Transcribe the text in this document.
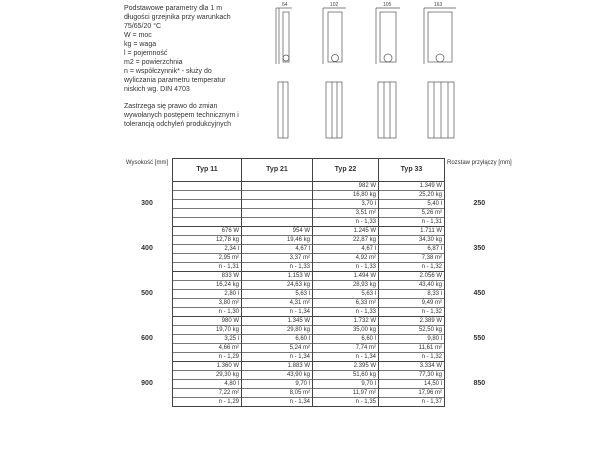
Podstawowe parametry dla 1 m
długości grzejnika przy warunkach
75/65/20 °C
W = moc
kg = waga
l = pojemność
m2 = powierzchnia
n = współczynnik* - służy do
wyliczania parametru temperatur
niskich wg. DIN 4703
Zastrzega się prawo do zmian
wywołanych postępem technicznym i
tolerancją odchyleń produkcyjnych
64	102	105	163
Wysokość [mm]	Typ 11	Typ 21	Typ 22	Typ 33	Rozstaw przyłączy [mm]
300			982 W	1.349 W	250
			16,80 kg	25,20 kg	
			3,70 l	5,40 l	
			3,51 m²	5,26 m²	
			n - 1,33	n - 1,31	
400	676 W	954 W	1.245 W	1.711 W	350
	12,78 kg	19,46 kg	22,87 kg	34,30 kg	
	2,34 l	4,67 l	4,67 l	6,87 l	
	2,95 m²	3,37 m²	4,92 m²	7,38 m²	
	n - 1,31	n - 1,33	n - 1,33	n - 1,32	
500	833 W	1.153 W	1.494 W	2.056 W	450
	16,24 kg	24,63 kg	28,93 kg	43,40 kg	
	2,80 l	5,63 l	5,63 l	8,33 l	
	3,80 m²	4,31 m²	6,33 m²	9,49 m²	
	n - 1,30	n - 1,34	n - 1,33	n - 1,32	
600	980 W	1.345 W	1.732 W	2.389 W	550
	19,70 kg	29,80 kg	35,00 kg	52,50 kg	
	3,25 l	6,60 l	6,60 l	9,80 l	
	4,66 m²	5,24 m²	7,74 m²	11,61 m²	
	n - 1,29	n - 1,34	n - 1,34	n - 1,32	
900	1.360 W	1.883 W	2.395 W	3.334 W	850
	29,30 kg	43,90 kg	51,60 kg	77,30 kg	
	4,80 l	9,70 l	9,70 l	14,50 l	
	7,22 m²	8,05 m²	11,97 m²	17,96 m²	
	n - 1,29	n - 1,34	n - 1,35	n - 1,37	
